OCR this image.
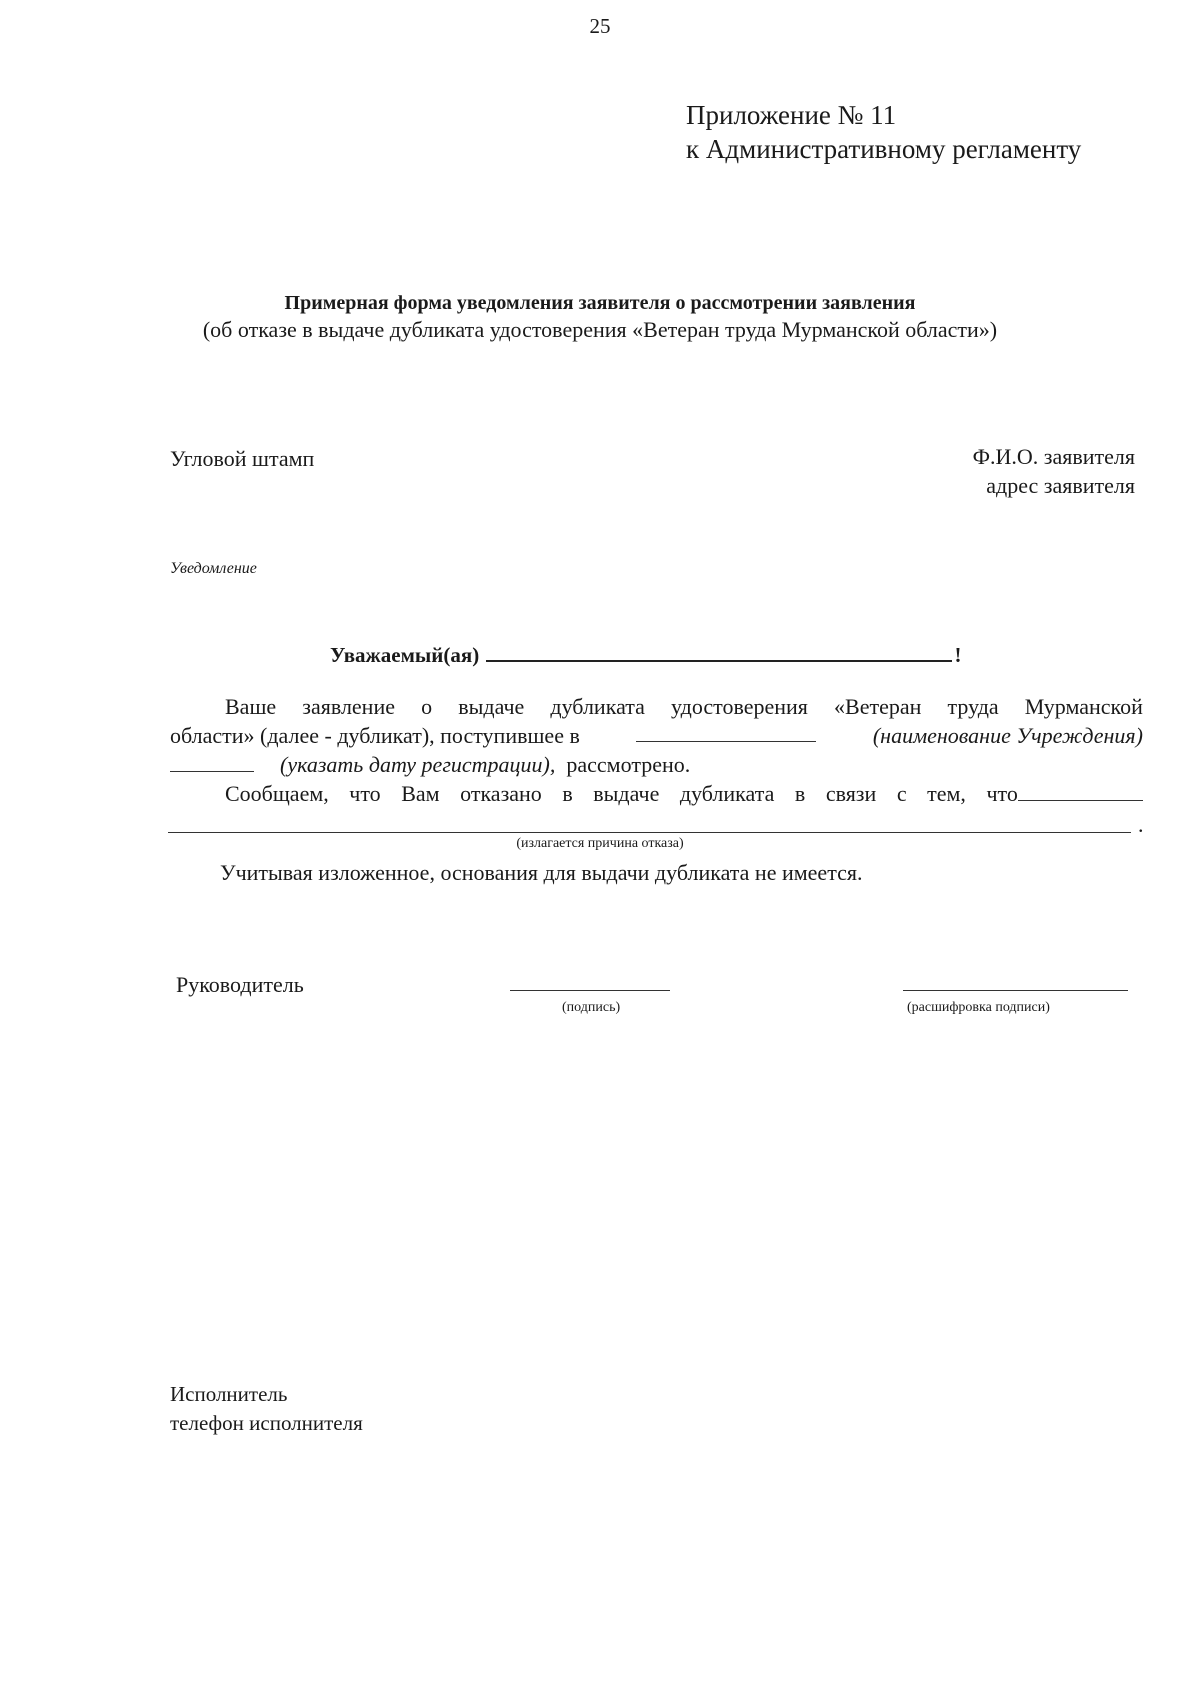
25
Приложение № 11
к Административному регламенту
Примерная форма уведомления заявителя о рассмотрении заявления
(об отказе в выдаче дубликата удостоверения «Ветеран труда Мурманской области»)
Угловой штамп	Ф.И.О. заявителя
адрес заявителя
Уведомление
Уважаемый(ая)	!
Ваше заявление о выдаче дубликата удостоверения «Ветеран труда Мурманской
области» (далее - дубликат), поступившее в	(наименование Учреждения)
(указать дату регистрации), рассмотрено.
Сообщаем, что Вам отказано в выдаче дубликата в связи с тем, что
.
(излагается причина отказа)
Учитывая изложенное, основания для выдачи дубликата не имеется.
Руководитель
(подпись)	(расшифровка подписи)
Исполнитель
телефон исполнителя
